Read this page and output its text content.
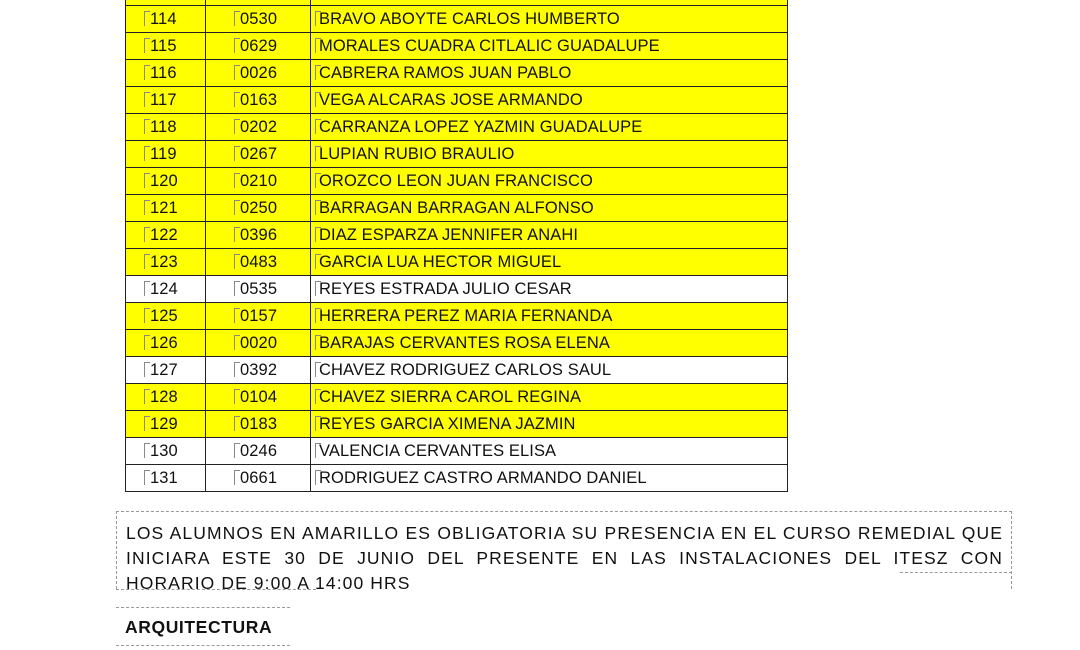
114	0530	BRAVO ABOYTE CARLOS HUMBERTO
115	0629	MORALES CUADRA CITLALIC GUADALUPE
116	0026	CABRERA RAMOS JUAN PABLO
117	0163	VEGA ALCARAS JOSE ARMANDO
118	0202	CARRANZA LOPEZ YAZMIN GUADALUPE
119	0267	LUPIAN RUBIO BRAULIO
120	0210	OROZCO LEON JUAN FRANCISCO
121	0250	BARRAGAN BARRAGAN ALFONSO
122	0396	DIAZ ESPARZA JENNIFER ANAHI
123	0483	GARCIA LUA HECTOR MIGUEL
124	0535	REYES ESTRADA JULIO CESAR
125	0157	HERRERA PEREZ MARIA FERNANDA
126	0020	BARAJAS CERVANTES ROSA ELENA
127	0392	CHAVEZ RODRIGUEZ CARLOS SAUL
128	0104	CHAVEZ SIERRA CAROL REGINA
129	0183	REYES GARCIA XIMENA JAZMIN
130	0246	VALENCIA CERVANTES ELISA
131	0661	RODRIGUEZ CASTRO ARMANDO DANIEL

LOS ALUMNOS EN AMARILLO ES OBLIGATORIA SU PRESENCIA EN EL CURSO REMEDIAL QUE INICIARA ESTE 30 DE JUNIO DEL PRESENTE EN LAS INSTALACIONES DEL ITESZ CON HORARIO DE 9:00 A 14:00 HRS

ARQUITECTURA
